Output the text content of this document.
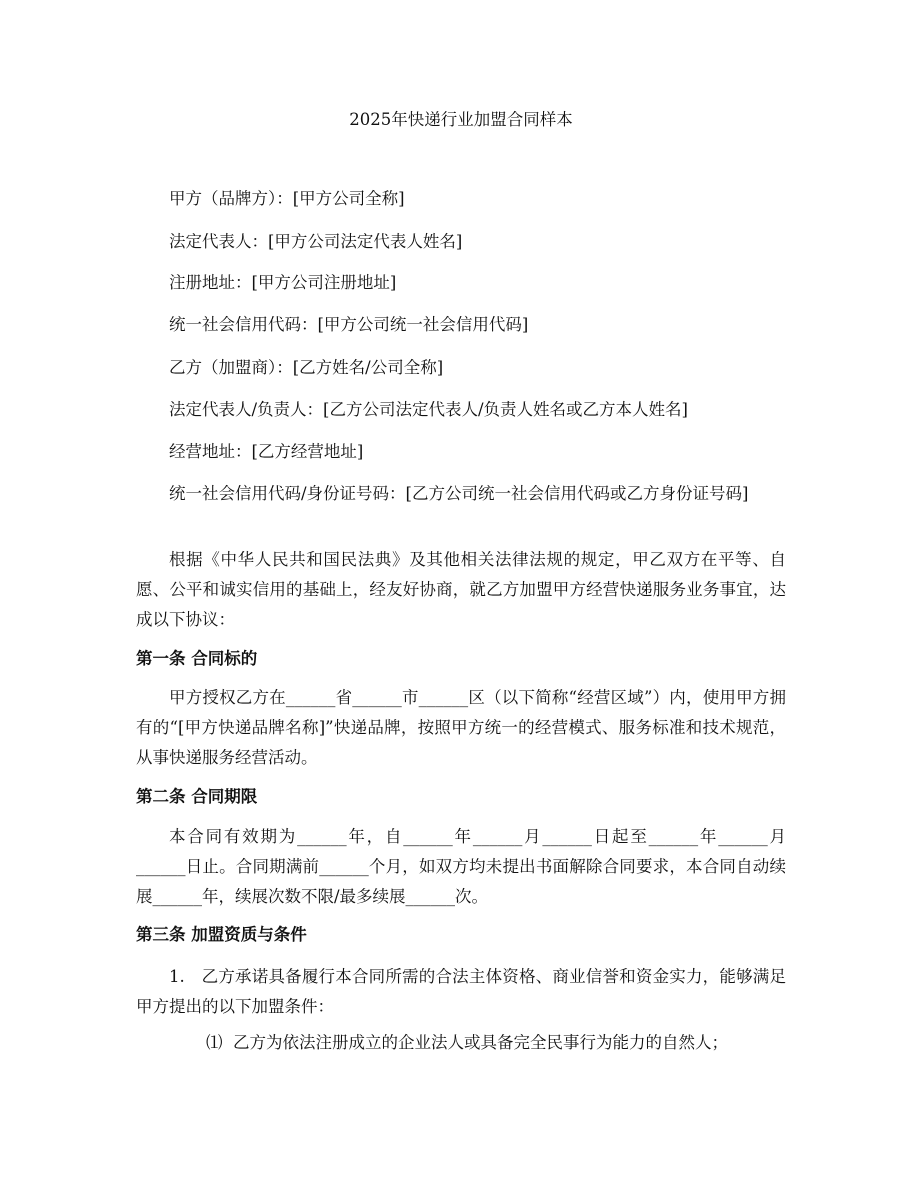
2025年快递行业加盟合同样本
甲方（品牌方）：[甲方公司全称]
法定代表人：[甲方公司法定代表人姓名]
注册地址：[甲方公司注册地址]
统一社会信用代码：[甲方公司统一社会信用代码]
乙方（加盟商）：[乙方姓名/公司全称]
法定代表人/负责人：[乙方公司法定代表人/负责人姓名或乙方本人姓名]
经营地址：[乙方经营地址]
统一社会信用代码/身份证号码：[乙方公司统一社会信用代码或乙方身份证号码]
根据《中华人民共和国民法典》及其他相关法律法规的规定，甲乙双方在平等、自愿、公平和诚实信用的基础上，经友好协商，就乙方加盟甲方经营快递服务业务事宜，达成以下协议：
第一条 合同标的
甲方授权乙方在______省______市______区（以下简称“经营区域”）内，使用甲方拥有的“[甲方快递品牌名称]”快递品牌，按照甲方统一的经营模式、服务标准和技术规范，从事快递服务经营活动。
第二条 合同期限
本合同有效期为______年，自______年______月______日起至______年______月______日止。合同期满前______个月，如双方均未提出书面解除合同要求，本合同自动续展______年，续展次数不限/最多续展______次。
第三条 加盟资质与条件
1.　乙方承诺具备履行本合同所需的合法主体资格、商业信誉和资金实力，能够满足甲方提出的以下加盟条件：
⑴  乙方为依法注册成立的企业法人或具备完全民事行为能力的自然人；
